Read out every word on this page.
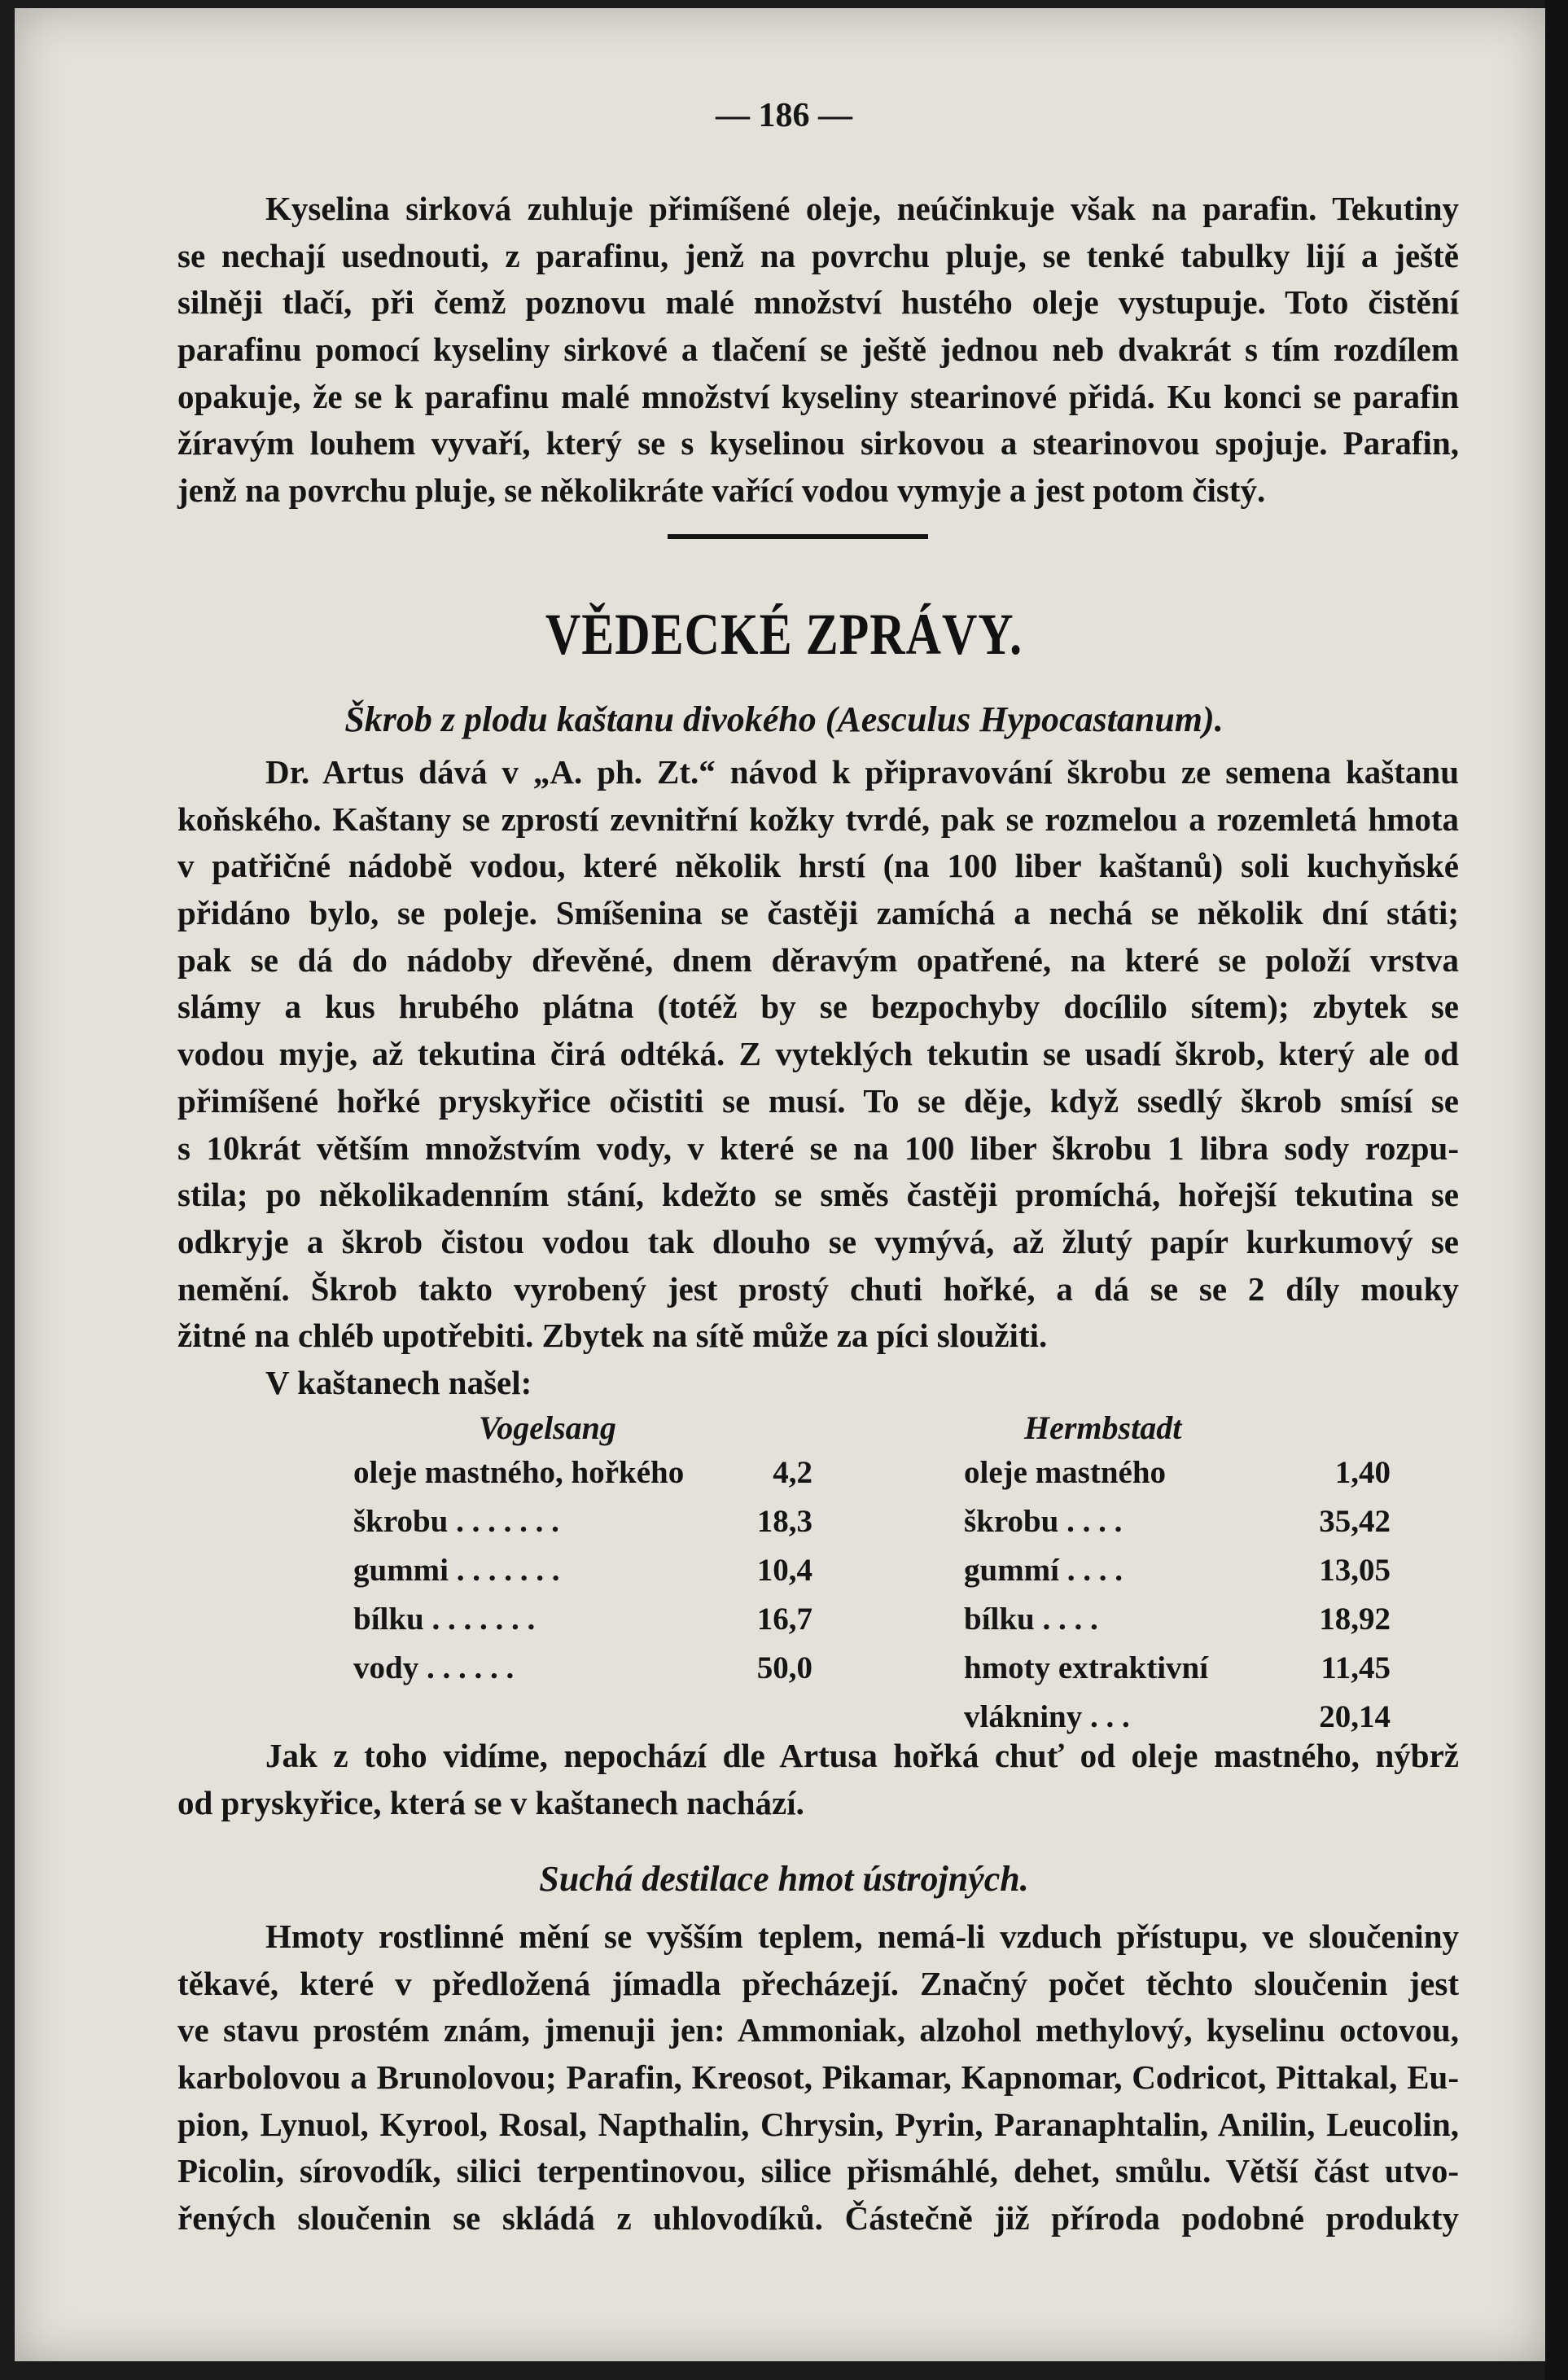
— 186 —
Kyselina sirková zuhluje přimíšené oleje, neúčinkuje však na parafin. Tekutiny
se nechají usednouti, z parafinu, jenž na povrchu pluje, se tenké tabulky lijí a ještě
silněji tlačí, při čemž poznovu malé množství hustého oleje vystupuje. Toto čistění
parafinu pomocí kyseliny sirkové a tlačení se ještě jednou neb dvakrát s tím rozdílem
opakuje, že se k parafinu malé množství kyseliny stearinové přidá. Ku konci se parafin
žíravým louhem vyvaří, který se s kyselinou sirkovou a stearinovou spojuje. Parafin,
jenž na povrchu pluje, se několikráte vařící vodou vymyje a jest potom čistý.
VĚDECKÉ ZPRÁVY.
Škrob z plodu kaštanu divokého (Aesculus Hypocastanum).
Dr. Artus dává v „A. ph. Zt.“ návod k připravování škrobu ze semena kaštanu
koňského. Kaštany se zprostí zevnitřní kožky tvrdé, pak se rozmelou a rozemletá hmota
v patřičné nádobě vodou, které několik hrstí (na 100 liber kaštanů) soli kuchyňské
přidáno bylo, se poleje. Smíšenina se častěji zamíchá a nechá se několik dní státi;
pak se dá do nádoby dřevěné, dnem děravým opatřené, na které se položí vrstva
slámy a kus hrubého plátna (totéž by se bezpochyby docílilo sítem); zbytek se
vodou myje, až tekutina čirá odtéká. Z vyteklých tekutin se usadí škrob, který ale od
přimíšené hořké pryskyřice očistiti se musí. To se děje, když ssedlý škrob smísí se
s 10krát větším množstvím vody, v které se na 100 liber škrobu 1 libra sody rozpu-
stila; po několikadenním stání, kdežto se směs častěji promíchá, hořejší tekutina se
odkryje a škrob čistou vodou tak dlouho se vymývá, až žlutý papír kurkumový se
nemění. Škrob takto vyrobený jest prostý chuti hořké, a dá se se 2 díly mouky
žitné na chléb upotřebiti. Zbytek na sítě může za píci sloužiti.
V kaštanech našel:
Vogelsang	Hermbstadt
oleje mastného, hořkého	4,2
škrobu . . . . . . .	18,3
gummi . . . . . . .	10,4
bílku . . . . . . .	16,7
vody . . . . . .	50,0
oleje mastného	1,40
škrobu . . . .	35,42
gummí . . . .	13,05
bílku . . . .	18,92
hmoty extraktivní	11,45
vlákniny . . .	20,14
Jak z toho vidíme, nepochází dle Artusa hořká chuť od oleje mastného, nýbrž
od pryskyřice, která se v kaštanech nachází.
Suchá destilace hmot ústrojných.
Hmoty rostlinné mění se vyšším teplem, nemá-li vzduch přístupu, ve sloučeniny
těkavé, které v předložená jímadla přecházejí. Značný počet těchto sloučenin jest
ve stavu prostém znám, jmenuji jen: Ammoniak, alzohol methylový, kyselinu octovou,
karbolovou a Brunolovou; Parafin, Kreosot, Pikamar, Kapnomar, Codricot, Pittakal, Eu-
pion, Lynuol, Kyrool, Rosal, Napthalin, Chrysin, Pyrin, Paranaphtalin, Anilin, Leucolin,
Picolin, sírovodík, silici terpentinovou, silice přismáhlé, dehet, smůlu. Větší část utvo-
řených sloučenin se skládá z uhlovodíků. Částečně již příroda podobné produkty
